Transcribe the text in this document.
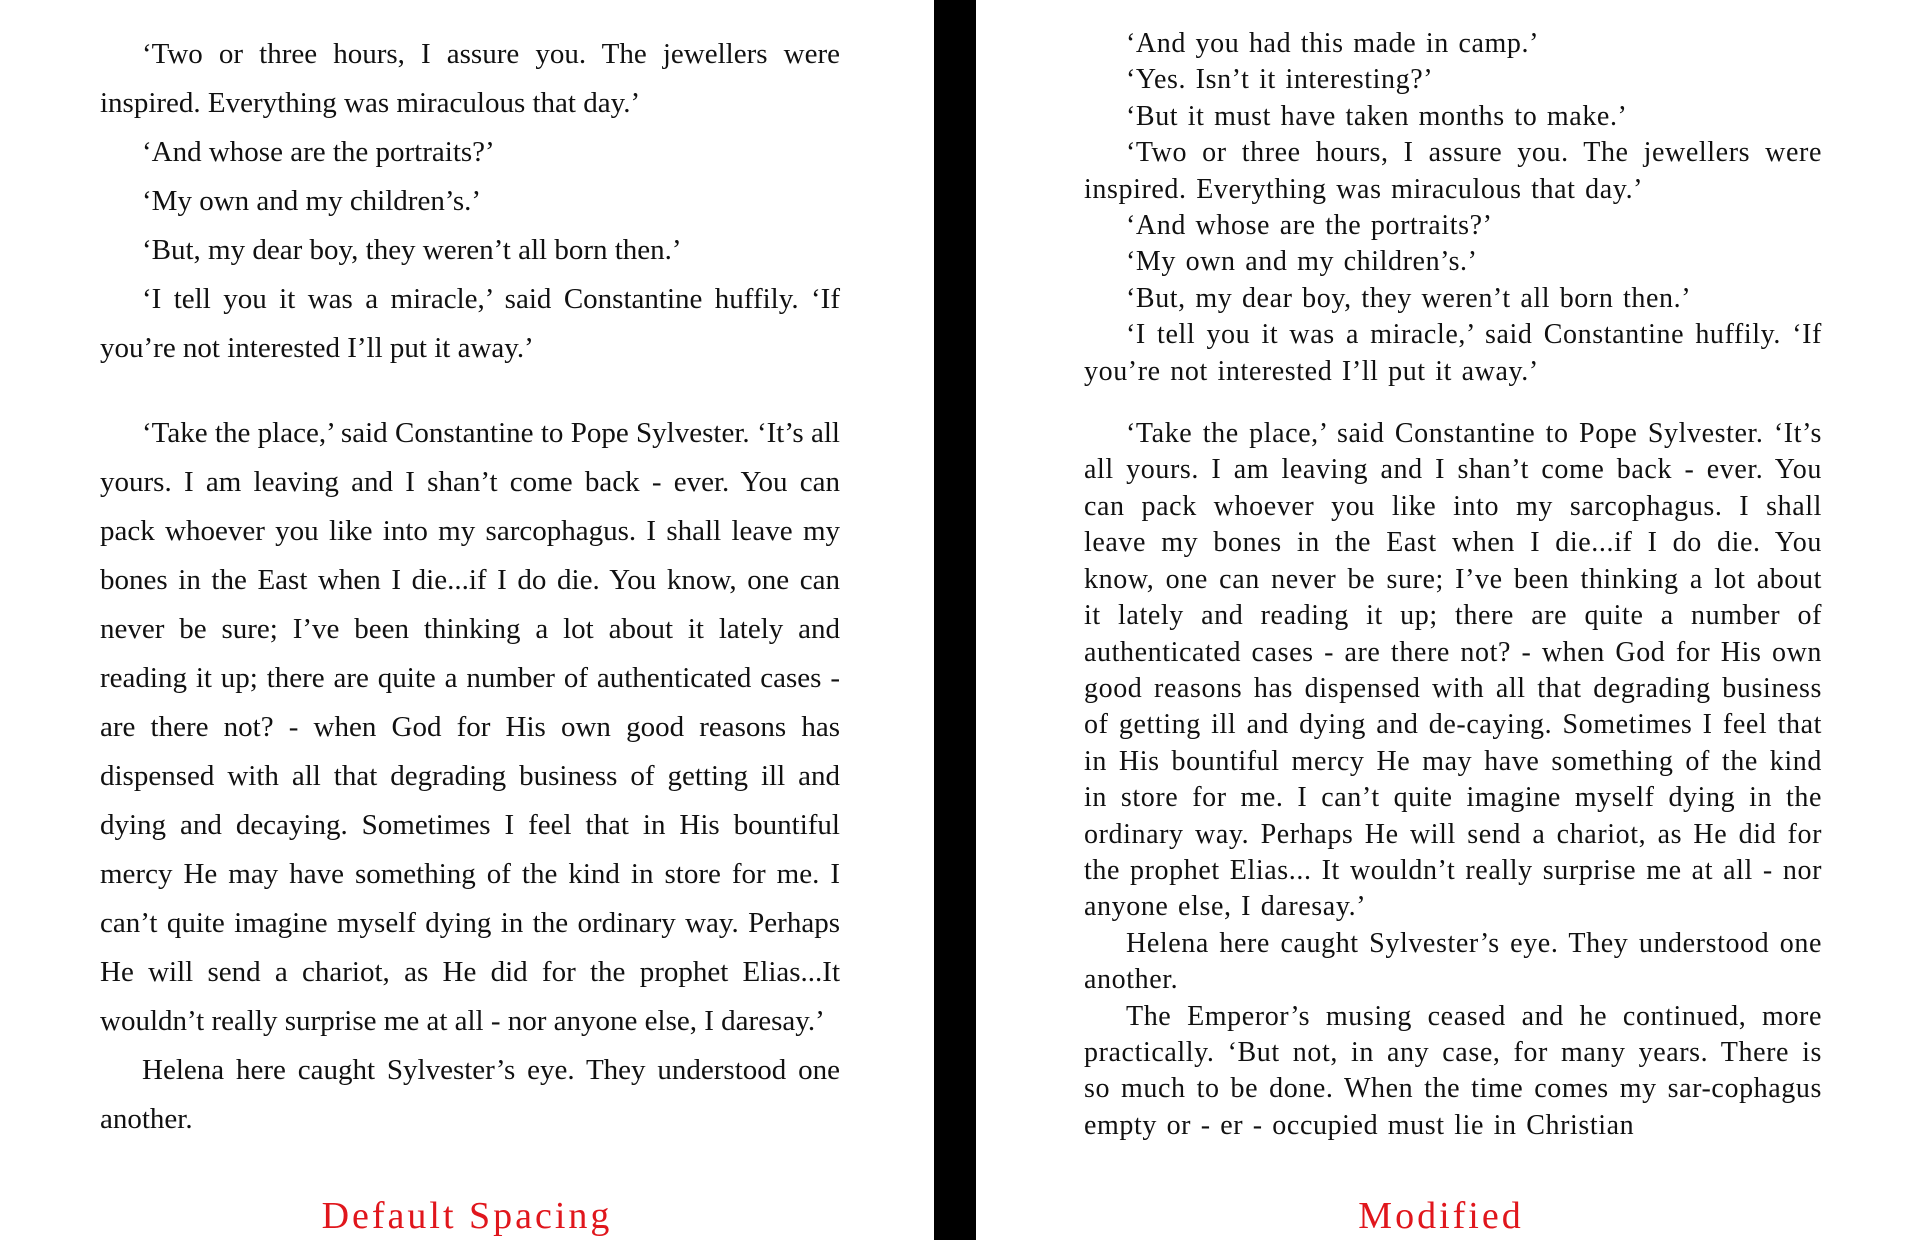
‘Two or three hours, I assure you. The jewellers were inspired. Everything was miraculous that day.’

‘And whose are the portraits?’

‘My own and my children’s.’

‘But, my dear boy, they weren’t all born then.’

‘I tell you it was a miracle,’ said Constantine huffily. ‘If you’re not interested I’ll put it away.’

‘Take the place,’ said Constantine to Pope Sylvester. ‘It’s all yours. I am leaving and I shan’t come back - ever. You can pack whoever you like into my sarcophagus. I shall leave my bones in the East when I die...if I do die. You know, one can never be sure; I’ve been thinking a lot about it lately and reading it up; there are quite a number of authenticated cases - are there not? - when God for His own good reasons has dispensed with all that degrading business of getting ill and dying and decaying. Sometimes I feel that in His bountiful mercy He may have something of the kind in store for me. I can’t quite imagine myself dying in the ordinary way. Perhaps He will send a chariot, as He did for the prophet Elias...It wouldn’t really surprise me at all - nor anyone else, I daresay.’

Helena here caught Sylvester’s eye. They understood one another.

Default Spacing

‘And you had this made in camp.’

‘Yes. Isn’t it interesting?’

‘But it must have taken months to make.’

‘Two or three hours, I assure you. The jewellers were inspired. Everything was miraculous that day.’

‘And whose are the portraits?’

‘My own and my children’s.’

‘But, my dear boy, they weren’t all born then.’

‘I tell you it was a miracle,’ said Constantine huffily. ‘If you’re not interested I’ll put it away.’

‘Take the place,’ said Constantine to Pope Sylvester. ‘It’s all yours. I am leaving and I shan’t come back - ever. You can pack whoever you like into my sarcophagus. I shall leave my bones in the East when I die...if I do die. You know, one can never be sure; I’ve been thinking a lot about it lately and reading it up; there are quite a number of authenticated cases - are there not? - when God for His own good reasons has dispensed with all that degrading business of getting ill and dying and de-caying. Sometimes I feel that in His bountiful mercy He may have something of the kind in store for me. I can’t quite imagine myself dying in the ordinary way. Perhaps He will send a chariot, as He did for the prophet Elias... It wouldn’t really surprise me at all - nor anyone else, I daresay.’

Helena here caught Sylvester’s eye. They understood one another.

The Emperor’s musing ceased and he continued, more practically. ‘But not, in any case, for many years. There is so much to be done. When the time comes my sar-cophagus empty or - er - occupied must lie in Christian

Modified
